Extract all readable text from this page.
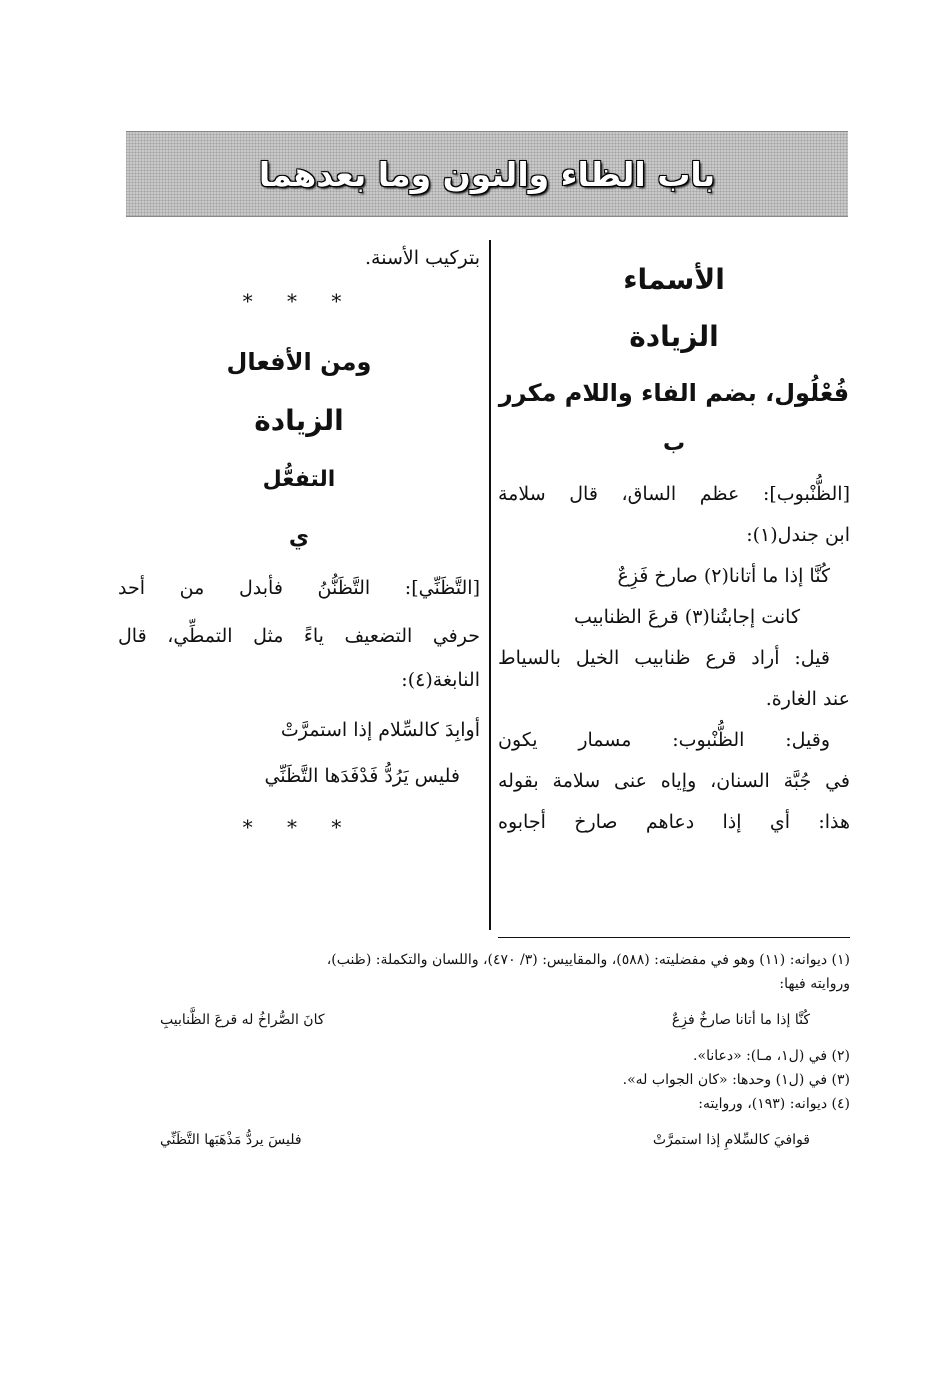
باب الظاء والنون وما بعدهما
الأسماء
الزيادة
فُعْلُول، بضم الفاء واللام مكرر
ب
[الظُّنْبوب]: عظم الساق، قال سلامة
ابن جندل(١):
كُنَّا إذا ما أتانا(٢) صارخ فَزِعٌ
كانت إجابتُنا(٣) قرعَ الظنابيب
قيل: أراد قرع ظنابيب الخيل بالسياط
عند الغارة.
وقيل: الظُّنْبوب: مسمار يكون
في جُبَّة السنان، وإياه عنى سلامة بقوله
هذا: أي إذا دعاهم صارخ أجابوه
بتركيب الأسنة.
* * *
ومن الأفعال
الزيادة
التفعُّل
ي
[التَّظَنِّي]: التَّظَنُّنُ فأبدل من أحد
حرفي التضعيف ياءً مثل التمطِّي، قال
النابغة(٤):
أوابِدَ كالسِّلام إذا استمرَّتْ
فليس يَرُدُّ فَدْفَدَها التَّظَنِّي
* * *
(١) ديوانه: (١١) وهو في مفضليته: (٥٨٨)، والمقاييس: (٣/ ٤٧٠)، واللسان والتكملة: (ظنب)،
وروايته فيها:
كُنَّا إذا ما أتانا صارخٌ فزِعٌ
كانَ الصُّراخُ له قرعَ الظَّنابيبِ
(٢) في (ل١، مـا): «دعانا».
(٣) في (ل١) وحدها: «كان الجواب له».
(٤) ديوانه: (١٩٣)، وروايته:
قوافيَ كالسِّلامِ إذا استمرَّتْ
فليسَ يردُّ مَذْهَبَها التَّظَنِّي
